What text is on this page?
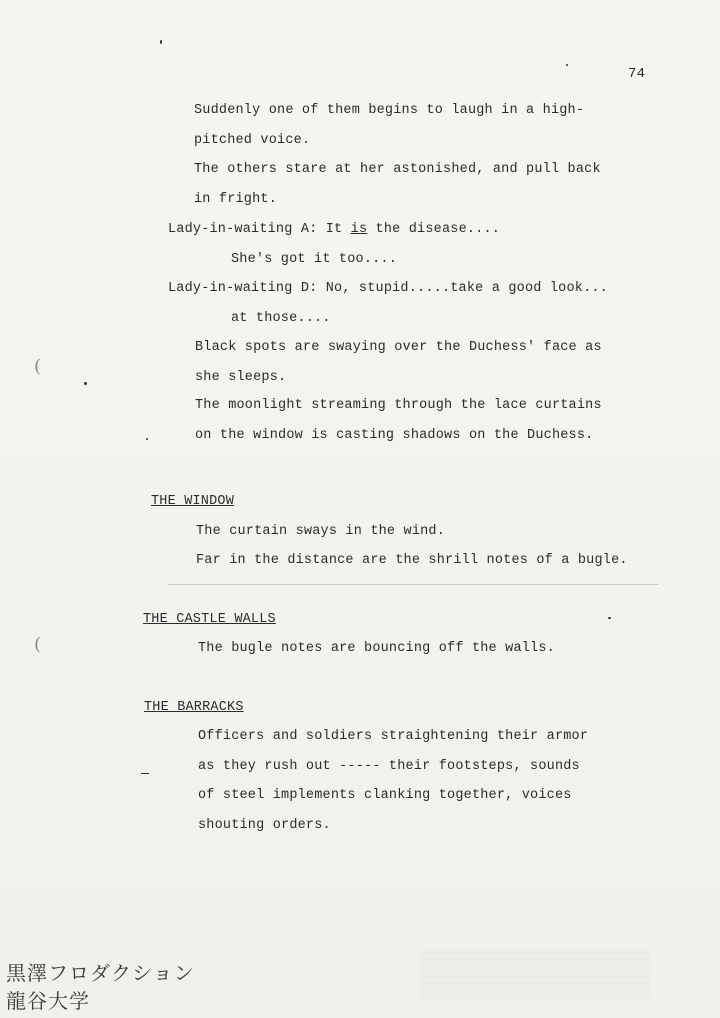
74
Suddenly one of them begins to laugh in a high-
pitched voice.
The others stare at her astonished, and pull back
in fright.
Lady-in-waiting A: It is the disease....
She's got it too....
Lady-in-waiting D: No, stupid.....take a good look...
at those....
Black spots are swaying over the Duchess' face as
she sleeps.
The moonlight streaming through the lace curtains
on the window is casting shadows on the Duchess.
THE WINDOW
The curtain sways in the wind.
Far in the distance are the shrill notes of a bugle.
THE CASTLE WALLS
The bugle notes are bouncing off the walls.
THE BARRACKS
Officers and soldiers straightening their armor
as they rush out ----- their footsteps, sounds
of steel implements clanking together, voices
shouting orders.
(
(
黒澤フロダクション
龍谷大学
